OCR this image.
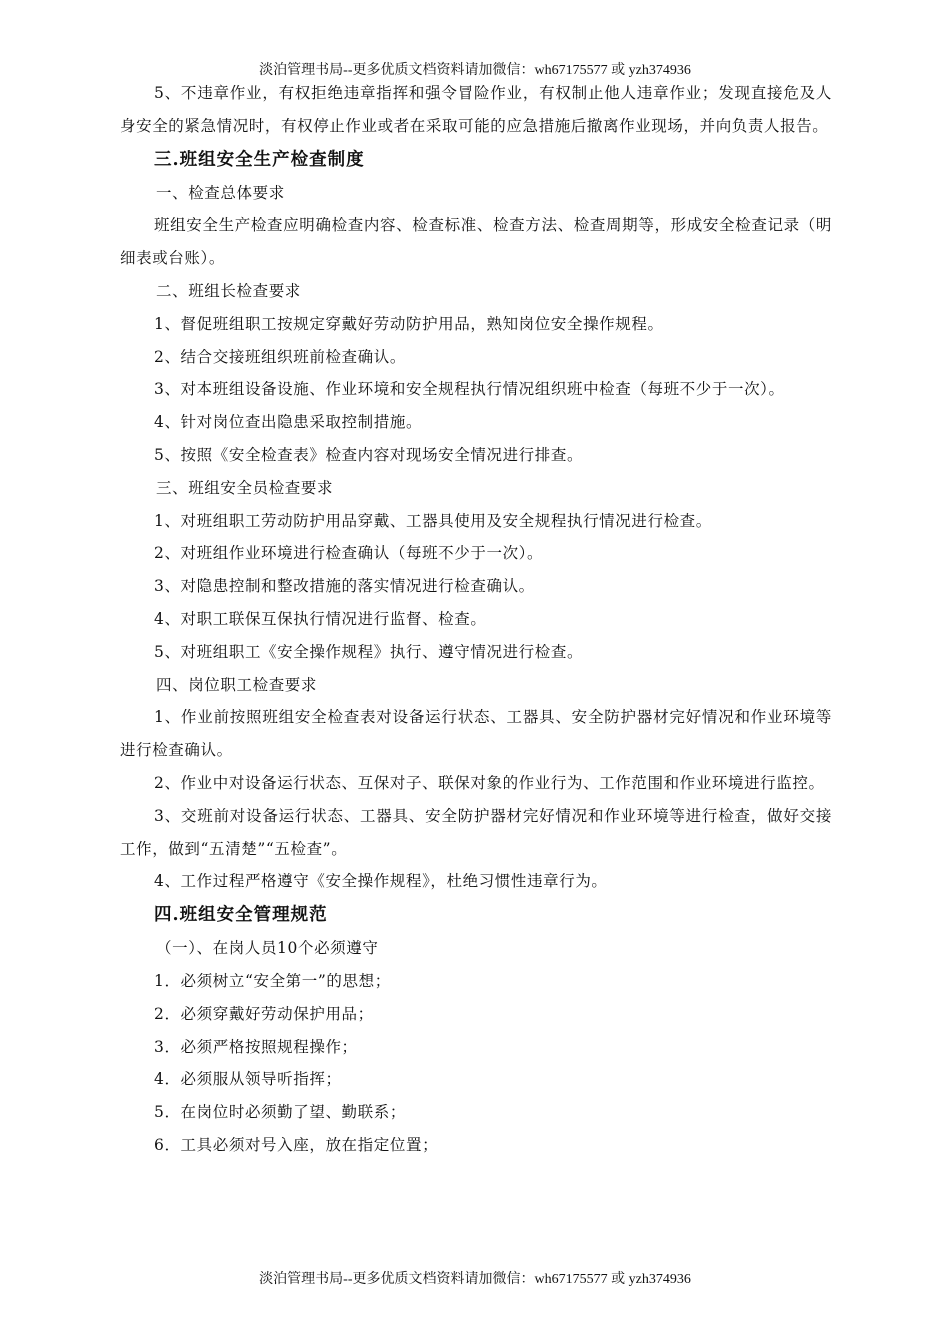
淡泊管理书局--更多优质文档资料请加微信：wh67175577 或 yzh374936

5、不违章作业，有权拒绝违章指挥和强令冒险作业，有权制止他人违章作业；发现直接危及人身安全的紧急情况时，有权停止作业或者在采取可能的应急措施后撤离作业现场，并向负责人报告。

三.班组安全生产检查制度

一、检查总体要求

班组安全生产检查应明确检查内容、检查标准、检查方法、检查周期等，形成安全检查记录（明细表或台账）。

二、班组长检查要求

1、督促班组职工按规定穿戴好劳动防护用品，熟知岗位安全操作规程。

2、结合交接班组织班前检查确认。

3、对本班组设备设施、作业环境和安全规程执行情况组织班中检查（每班不少于一次）。

4、针对岗位查出隐患采取控制措施。

5、按照《安全检查表》检查内容对现场安全情况进行排查。

三、班组安全员检查要求

1、对班组职工劳动防护用品穿戴、工器具使用及安全规程执行情况进行检查。

2、对班组作业环境进行检查确认（每班不少于一次）。

3、对隐患控制和整改措施的落实情况进行检查确认。

4、对职工联保互保执行情况进行监督、检查。

5、对班组职工《安全操作规程》执行、遵守情况进行检查。

四、岗位职工检查要求

1、作业前按照班组安全检查表对设备运行状态、工器具、安全防护器材完好情况和作业环境等进行检查确认。

2、作业中对设备运行状态、互保对子、联保对象的作业行为、工作范围和作业环境进行监控。

3、交班前对设备运行状态、工器具、安全防护器材完好情况和作业环境等进行检查，做好交接工作，做到“五清楚”“五检查”。

4、工作过程严格遵守《安全操作规程》，杜绝习惯性违章行为。

四.班组安全管理规范

（一）、在岗人员10个必须遵守

1．必须树立“安全第一”的思想；

2．必须穿戴好劳动保护用品；

3．必须严格按照规程操作；

4．必须服从领导听指挥；

5．在岗位时必须勤了望、勤联系；

6．工具必须对号入座，放在指定位置；

淡泊管理书局--更多优质文档资料请加微信：wh67175577 或 yzh374936
